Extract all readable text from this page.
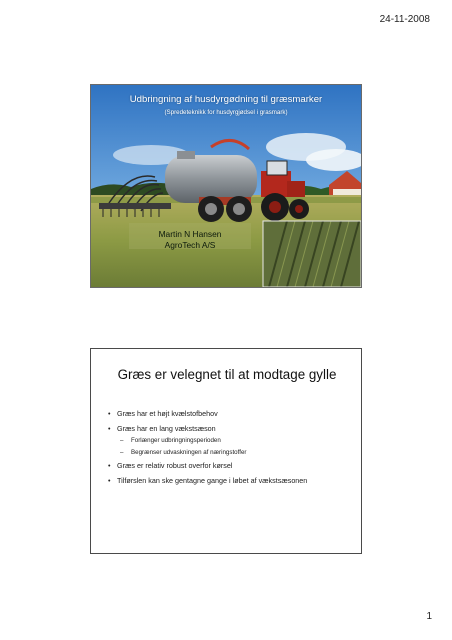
24-11-2008
Udbringning af husdyrgødning til græsmarker
(Spredeteknikk for husdyrgjødsel i grasmark)
Martin N Hansen
AgroTech A/S
Græs er velegnet til at modtage gylle
• Græs har et højt kvælstofbehov
• Græs har en lang vækstsæson
– Forlænger udbringningsperioden
– Begrænser udvaskningen af næringstoffer
• Græs er relativ robust overfor kørsel
• Tilførslen kan ske gentagne gange i løbet af vækstsæsonen
1
